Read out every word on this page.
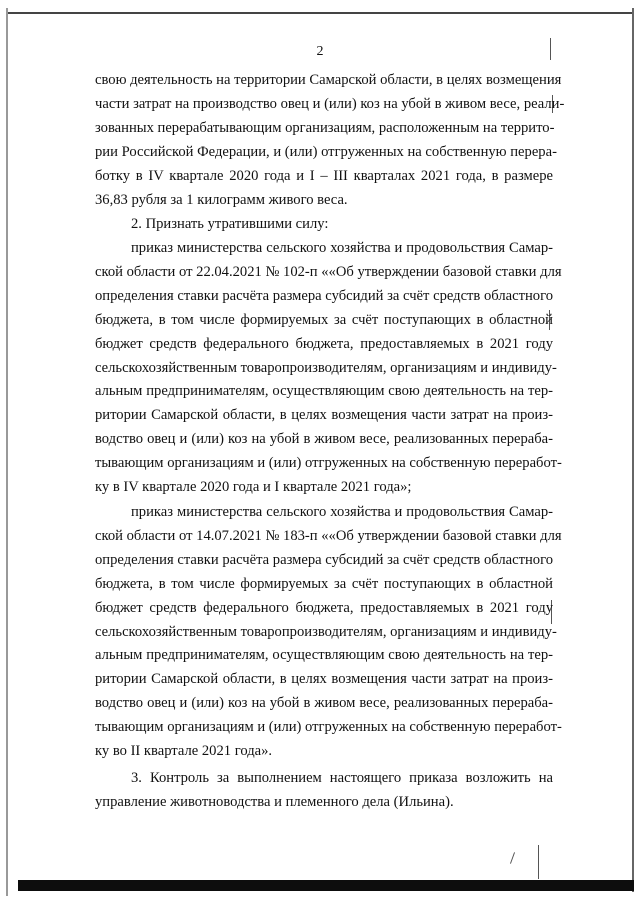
2
свою деятельность на территории Самарской области, в целях возмещения
части затрат на производство овец и (или) коз на убой в живом весе, реали-
зованных перерабатывающим организациям, расположенным на террито-
рии Российской Федерации, и (или) отгруженных на собственную перера-
ботку в IV квартале 2020 года и I – III кварталах 2021 года, в размере
36,83 рубля за 1 килограмм живого веса.
2. Признать утратившими силу:
приказ министерства сельского хозяйства и продовольствия Самар-
ской области от 22.04.2021 № 102-п ««Об утверждении базовой ставки для
определения ставки расчёта размера субсидий за счёт средств областного
бюджета, в том числе формируемых за счёт поступающих в областной
бюджет средств федерального бюджета, предоставляемых в 2021 году
сельскохозяйственным товаропроизводителям, организациям и индивиду-
альным предпринимателям, осуществляющим свою деятельность на тер-
ритории Самарской области, в целях возмещения части затрат на произ-
водство овец и (или) коз на убой в живом весе, реализованных перераба-
тывающим организациям и (или) отгруженных на собственную переработ-
ку в IV квартале 2020 года и I квартале 2021 года»;
приказ министерства сельского хозяйства и продовольствия Самар-
ской области от 14.07.2021 № 183-п ««Об утверждении базовой ставки для
определения ставки расчёта размера субсидий за счёт средств областного
бюджета, в том числе формируемых за счёт поступающих в областной
бюджет средств федерального бюджета, предоставляемых в 2021 году
сельскохозяйственным товаропроизводителям, организациям и индивиду-
альным предпринимателям, осуществляющим свою деятельность на тер-
ритории Самарской области, в целях возмещения части затрат на произ-
водство овец и (или) коз на убой в живом весе, реализованных перераба-
тывающим организациям и (или) отгруженных на собственную переработ-
ку во II квартале 2021 года».
3. Контроль за выполнением настоящего приказа возложить на
управление животноводства и племенного дела (Ильина).
